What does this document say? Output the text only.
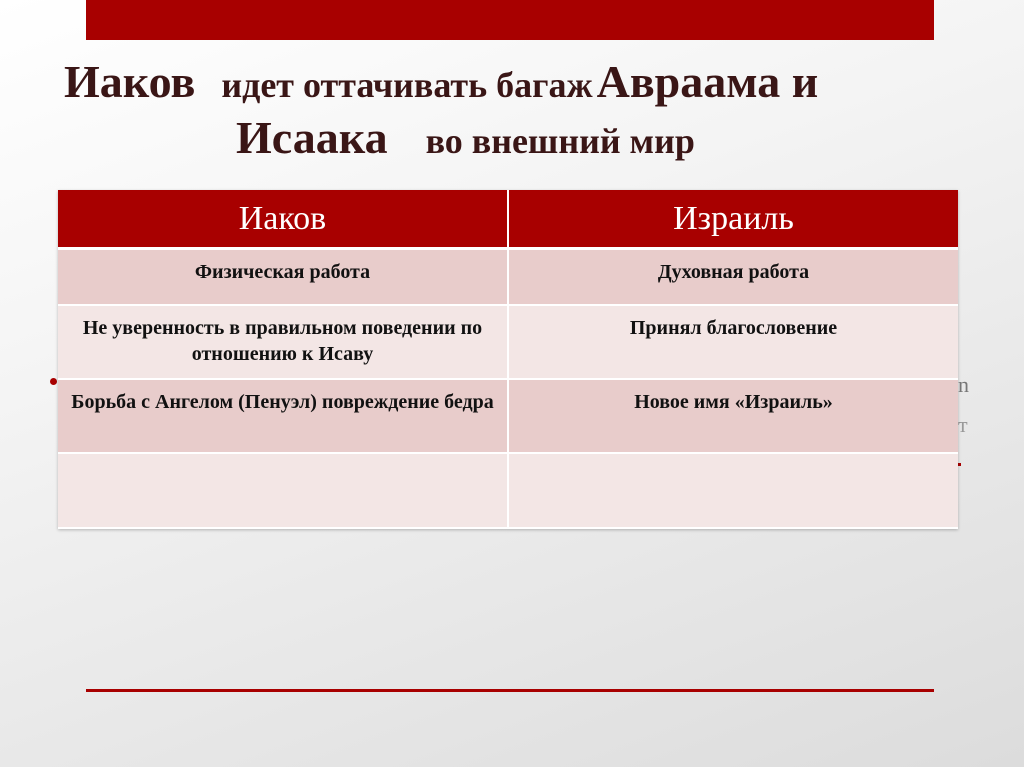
Иаков идет оттачивать багаж Авраама и
Исаака во внешний мир
n
т
Иаков	Израиль
Физическая работа	Духовная работа
Не уверенность в правильном поведении по отношению к Исаву	Принял благословение
Борьба с Ангелом (Пенуэл) повреждение бедра	Новое имя «Израиль»
